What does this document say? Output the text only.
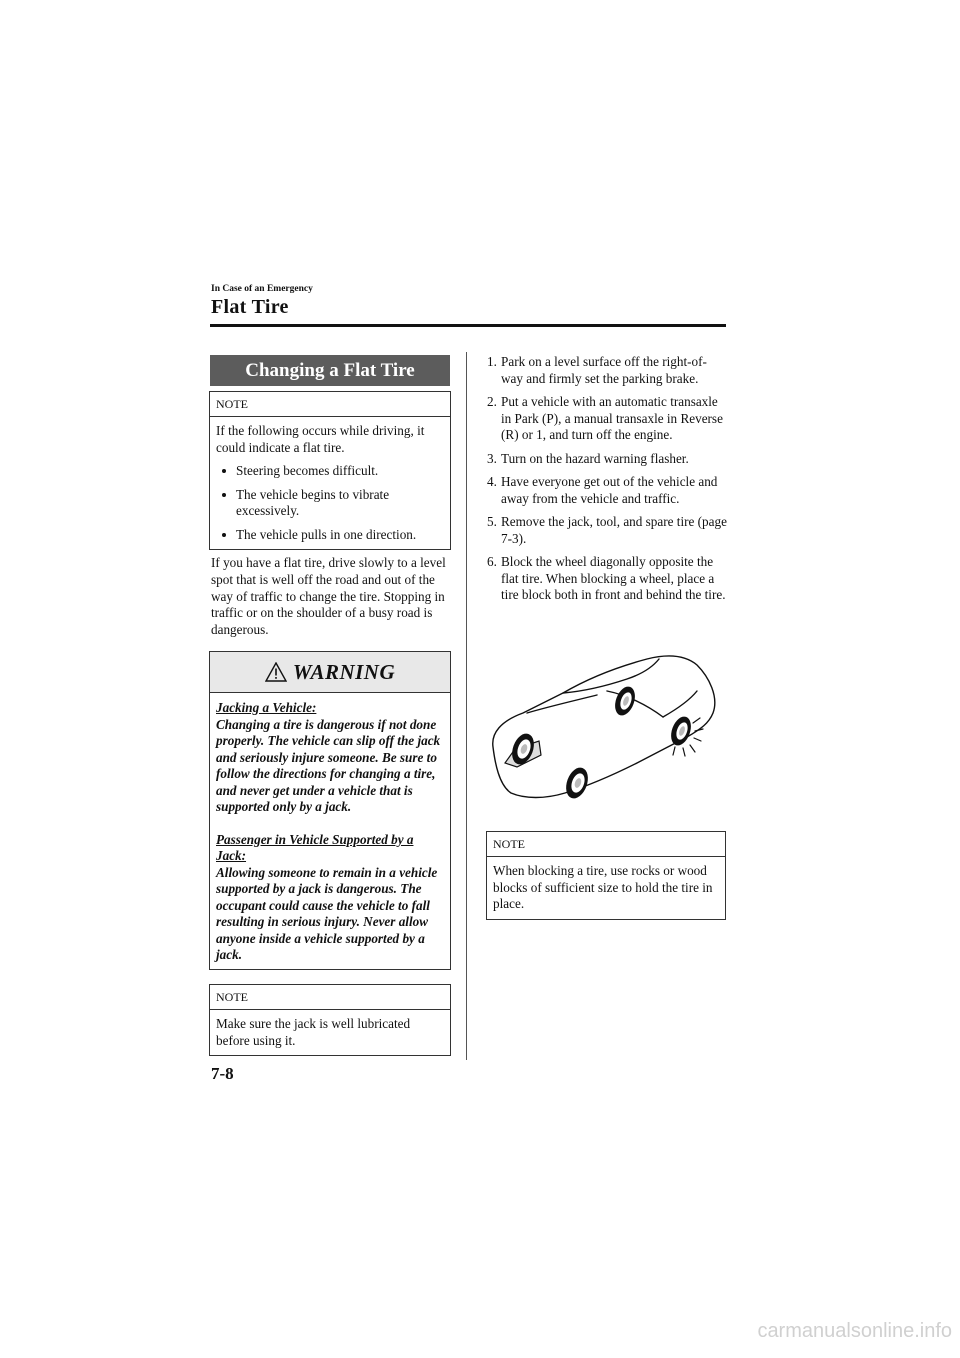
In Case of an Emergency
Flat Tire
Changing a Flat Tire
NOTE
If the following occurs while driving, it could indicate a flat tire.
Steering becomes difficult.
The vehicle begins to vibrate excessively.
The vehicle pulls in one direction.
If you have a flat tire, drive slowly to a level spot that is well off the road and out of the way of traffic to change the tire. Stopping in traffic or on the shoulder of a busy road is dangerous.
WARNING

Jacking a Vehicle:

Changing a tire is dangerous if not done properly. The vehicle can slip off the jack and seriously injure someone. Be sure to follow the directions for changing a tire, and never get under a vehicle that is supported only by a jack.

Passenger in Vehicle Supported by a Jack:

Allowing someone to remain in a vehicle supported by a jack is dangerous. The occupant could cause the vehicle to fall resulting in serious injury. Never allow anyone inside a vehicle supported by a jack.

NOTE
Make sure the jack is well lubricated before using it.
1. Park on a level surface off the right-of-way and firmly set the parking brake.
2. Put a vehicle with an automatic transaxle in Park (P), a manual transaxle in Reverse (R) or 1, and turn off the engine.
3. Turn on the hazard warning flasher.
4. Have everyone get out of the vehicle and away from the vehicle and traffic.
5. Remove the jack, tool, and spare tire (page 7-3).
6. Block the wheel diagonally opposite the flat tire. When blocking a wheel, place a tire block both in front and behind the tire.
NOTE
When blocking a tire, use rocks or wood blocks of sufficient size to hold the tire in place.
7-8
carmanualsonline.info
